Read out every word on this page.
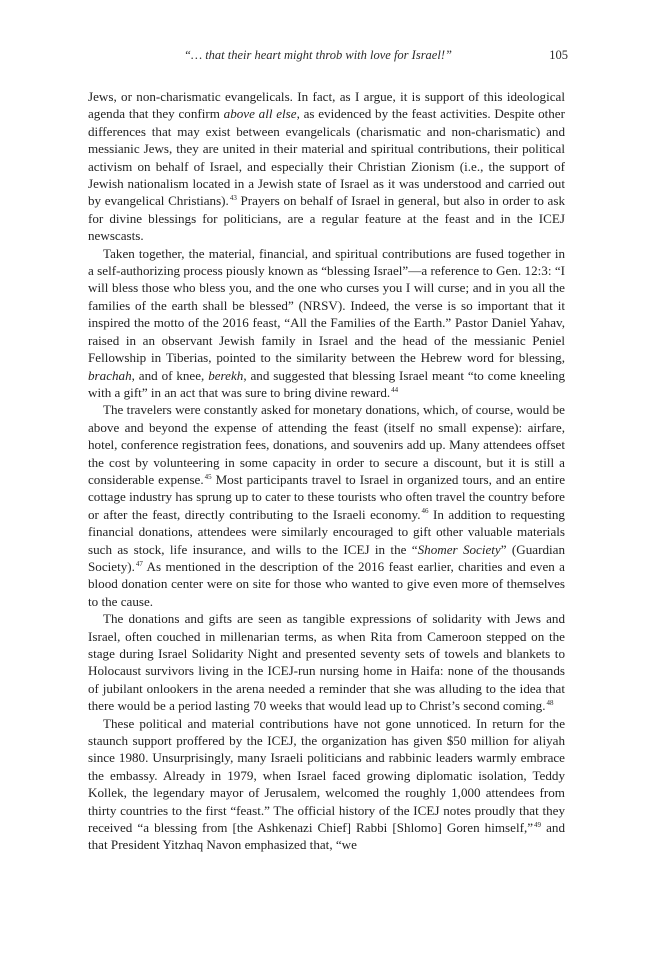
“… that their heart might throb with love for Israel!”	105

Jews, or non-charismatic evangelicals. In fact, as I argue, it is support of this ideological agenda that they confirm above all else, as evidenced by the feast activities. Despite other differences that may exist between evangelicals (charismatic and non-charismatic) and messianic Jews, they are united in their material and spiritual contributions, their political activism on behalf of Israel, and especially their Christian Zionism (i.e., the support of Jewish nationalism located in a Jewish state of Israel as it was understood and carried out by evangelical Christians).$^{43}$ Prayers on behalf of Israel in general, but also in order to ask for divine blessings for politicians, are a regular feature at the feast and in the ICEJ newscasts.

Taken together, the material, financial, and spiritual contributions are fused together in a self-authorizing process piously known as “blessing Israel”—a reference to Gen. 12:3: “I will bless those who bless you, and the one who curses you I will curse; and in you all the families of the earth shall be blessed” (NRSV). Indeed, the verse is so important that it inspired the motto of the 2016 feast, “All the Families of the Earth.” Pastor Daniel Yahav, raised in an observant Jewish family in Israel and the head of the messianic Peniel Fellowship in Tiberias, pointed to the similarity between the Hebrew word for blessing, brachah, and of knee, berekh, and suggested that blessing Israel meant “to come kneeling with a gift” in an act that was sure to bring divine reward.$^{44}$

The travelers were constantly asked for monetary donations, which, of course, would be above and beyond the expense of attending the feast (itself no small expense): airfare, hotel, conference registration fees, donations, and souvenirs add up. Many attendees offset the cost by volunteering in some capacity in order to secure a discount, but it is still a considerable expense.$^{45}$ Most participants travel to Israel in organized tours, and an entire cottage industry has sprung up to cater to these tourists who often travel the country before or after the feast, directly contributing to the Israeli economy.$^{46}$ In addition to requesting financial donations, attendees were similarly encouraged to gift other valuable materials such as stock, life insurance, and wills to the ICEJ in the “Shomer Society” (Guardian Society).$^{47}$ As mentioned in the description of the 2016 feast earlier, charities and even a blood donation center were on site for those who wanted to give even more of themselves to the cause.

The donations and gifts are seen as tangible expressions of solidarity with Jews and Israel, often couched in millenarian terms, as when Rita from Cameroon stepped on the stage during Israel Solidarity Night and presented seventy sets of towels and blankets to Holocaust survivors living in the ICEJ-run nursing home in Haifa: none of the thousands of jubilant onlookers in the arena needed a reminder that she was alluding to the idea that there would be a period lasting 70 weeks that would lead up to Christ’s second coming.$^{48}$

These political and material contributions have not gone unnoticed. In return for the staunch support proffered by the ICEJ, the organization has given $50 million for aliyah since 1980. Unsurprisingly, many Israeli politicians and rabbinic leaders warmly embrace the embassy. Already in 1979, when Israel faced growing diplomatic isolation, Teddy Kollek, the legendary mayor of Jerusalem, welcomed the roughly 1,000 attendees from thirty countries to the first “feast.” The official history of the ICEJ notes proudly that they received “a blessing from [the Ashkenazi Chief] Rabbi [Shlomo] Goren himself,”$^{49}$ and that President Yitzhaq Navon emphasized that, “we
